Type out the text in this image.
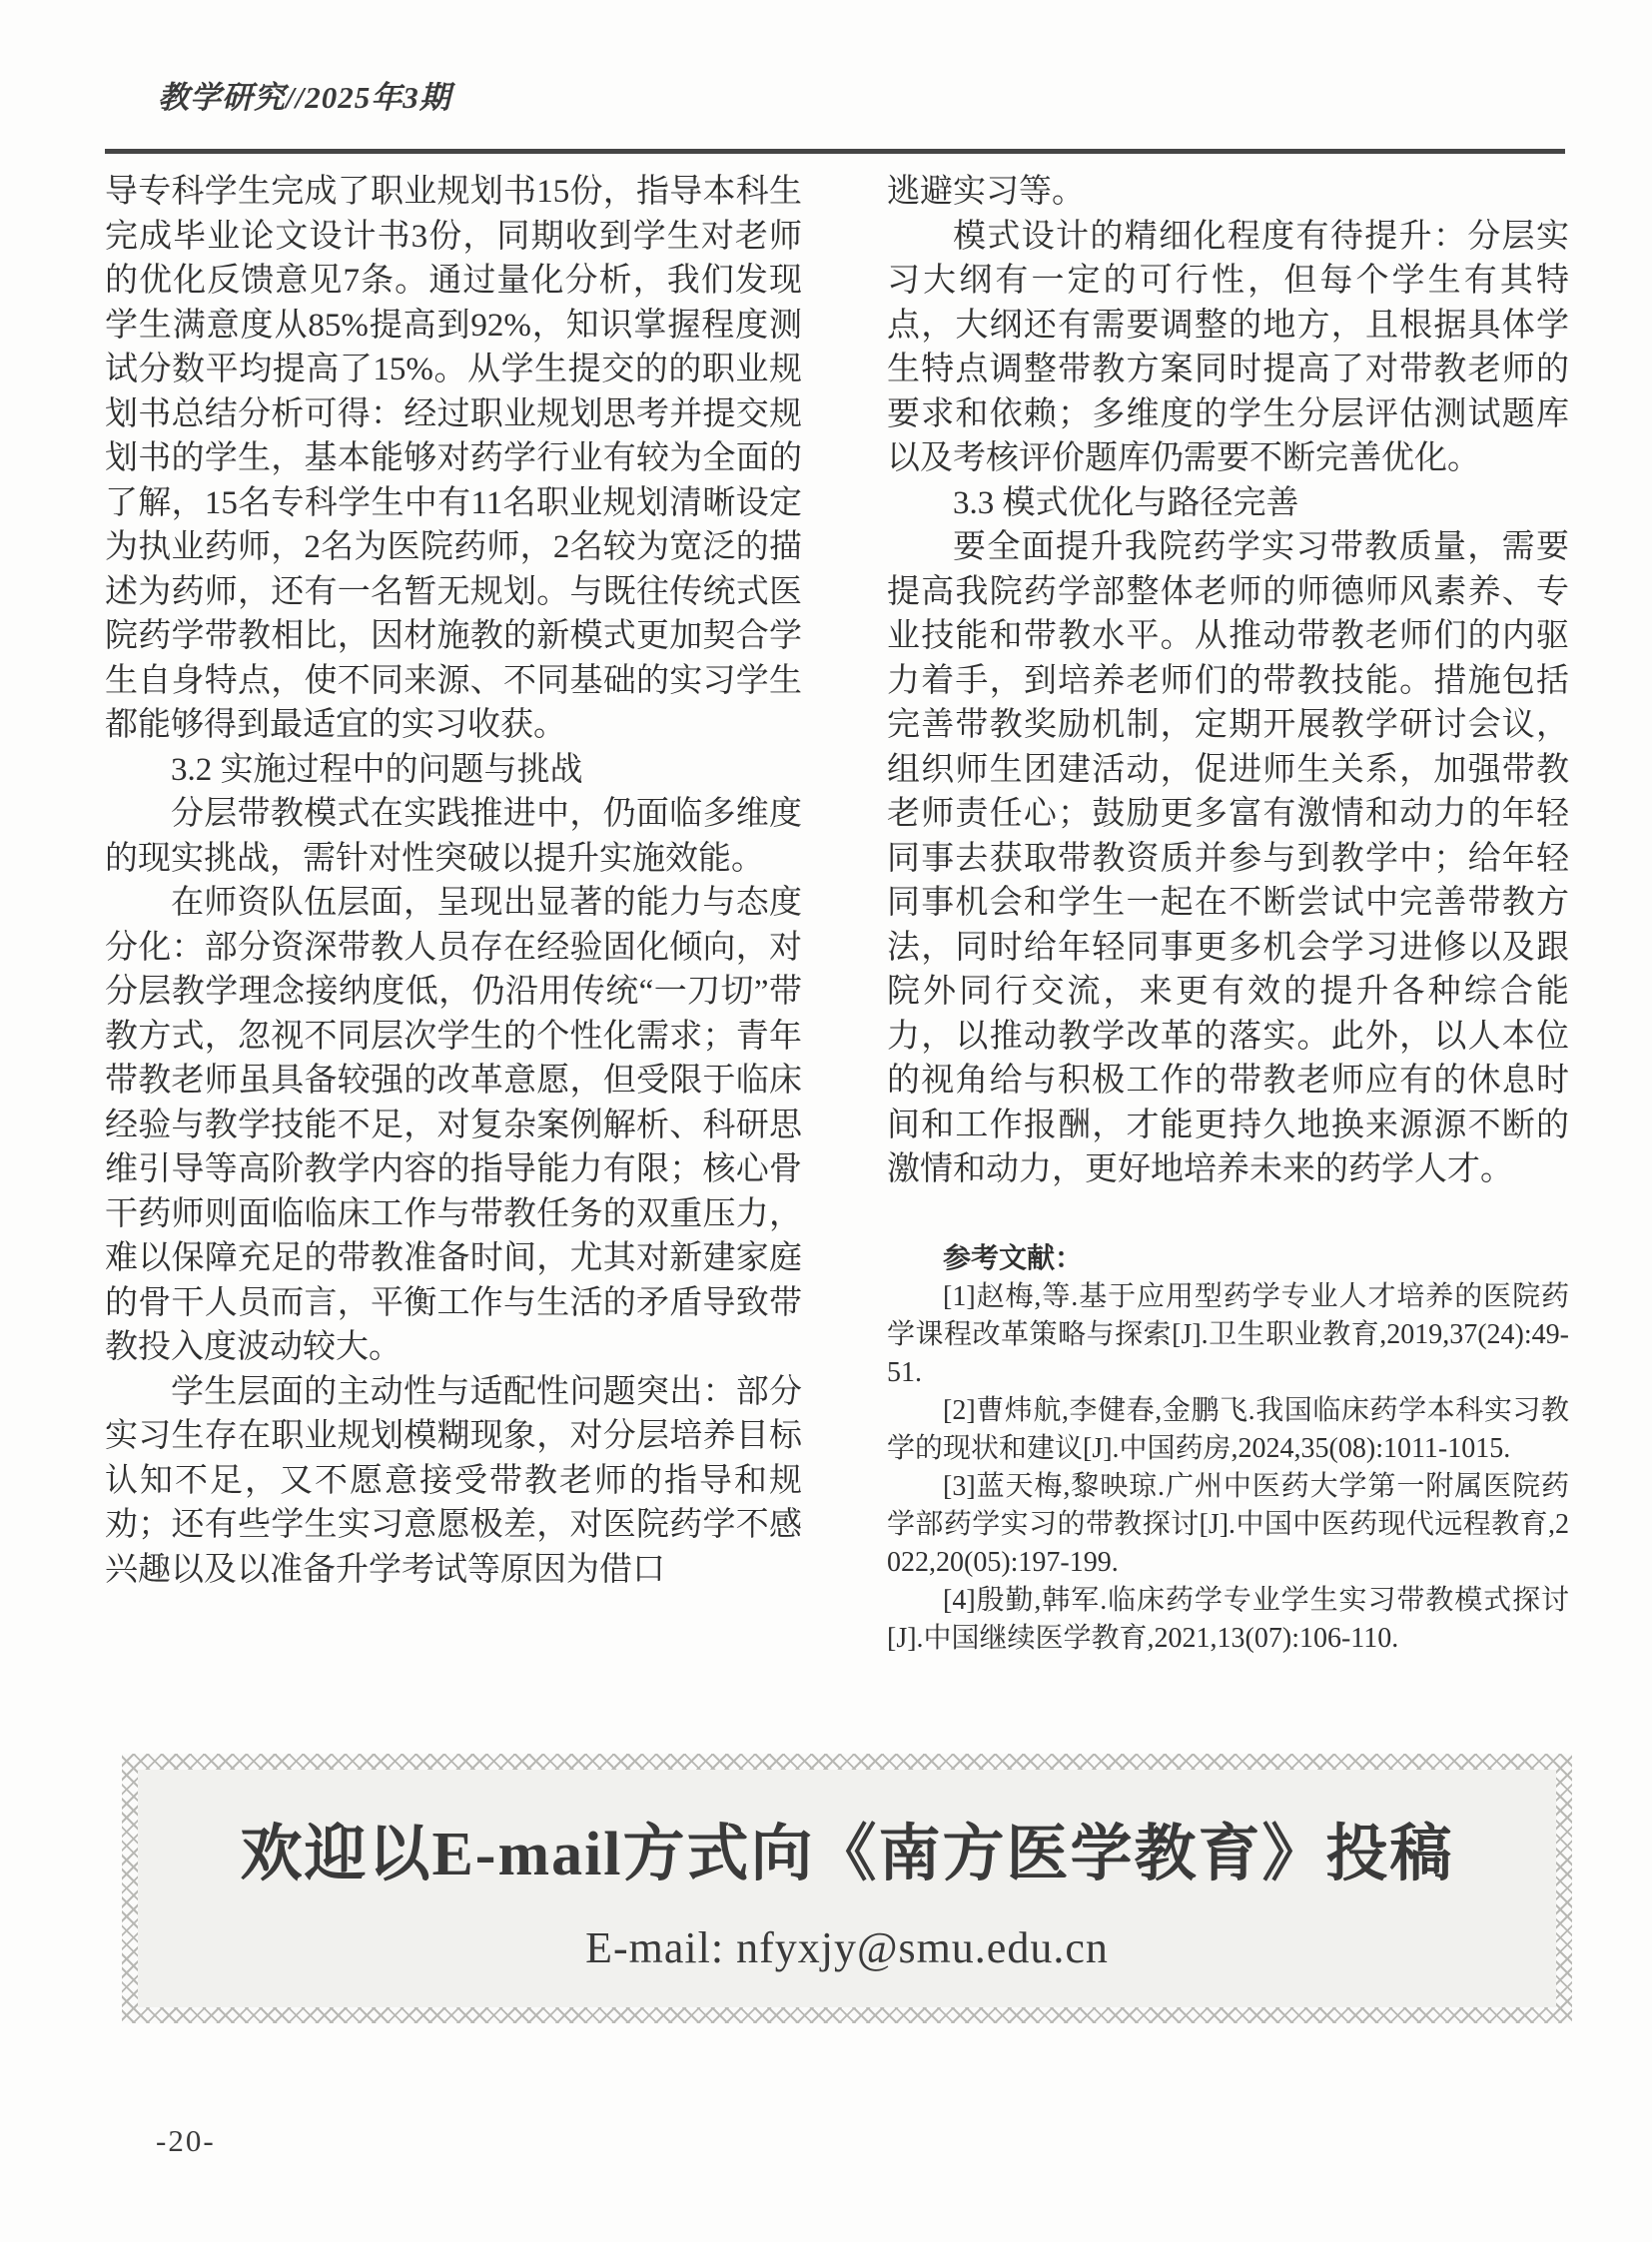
教学研究//2025年3期

导专科学生完成了职业规划书15份，指导本科生完成毕业论文设计书3份，同期收到学生对老师的优化反馈意见7条。通过量化分析，我们发现学生满意度从85%提高到92%，知识掌握程度测试分数平均提高了15%。从学生提交的的职业规划书总结分析可得：经过职业规划思考并提交规划书的学生，基本能够对药学行业有较为全面的了解，15名专科学生中有11名职业规划清晰设定为执业药师，2名为医院药师，2名较为宽泛的描述为药师，还有一名暂无规划。与既往传统式医院药学带教相比，因材施教的新模式更加契合学生自身特点，使不同来源、不同基础的实习学生都能够得到最适宜的实习收获。

3.2 实施过程中的问题与挑战

分层带教模式在实践推进中，仍面临多维度的现实挑战，需针对性突破以提升实施效能。

在师资队伍层面，呈现出显著的能力与态度分化：部分资深带教人员存在经验固化倾向，对分层教学理念接纳度低，仍沿用传统“一刀切”带教方式，忽视不同层次学生的个性化需求；青年带教老师虽具备较强的改革意愿，但受限于临床经验与教学技能不足，对复杂案例解析、科研思维引导等高阶教学内容的指导能力有限；核心骨干药师则面临临床工作与带教任务的双重压力，难以保障充足的带教准备时间，尤其对新建家庭的骨干人员而言，平衡工作与生活的矛盾导致带教投入度波动较大。

学生层面的主动性与适配性问题突出：部分实习生存在职业规划模糊现象，对分层培养目标认知不足，又不愿意接受带教老师的指导和规劝；还有些学生实习意愿极差，对医院药学不感兴趣以及以准备升学考试等原因为借口

逃避实习等。

模式设计的精细化程度有待提升：分层实习大纲有一定的可行性，但每个学生有其特点，大纲还有需要调整的地方，且根据具体学生特点调整带教方案同时提高了对带教老师的要求和依赖；多维度的学生分层评估测试题库以及考核评价题库仍需要不断完善优化。

3.3 模式优化与路径完善

要全面提升我院药学实习带教质量，需要提高我院药学部整体老师的师德师风素养、专业技能和带教水平。从推动带教老师们的内驱力着手，到培养老师们的带教技能。措施包括完善带教奖励机制，定期开展教学研讨会议，组织师生团建活动，促进师生关系，加强带教老师责任心；鼓励更多富有激情和动力的年轻同事去获取带教资质并参与到教学中；给年轻同事机会和学生一起在不断尝试中完善带教方法，同时给年轻同事更多机会学习进修以及跟院外同行交流，来更有效的提升各种综合能力，以推动教学改革的落实。此外，以人本位的视角给与积极工作的带教老师应有的休息时间和工作报酬，才能更持久地换来源源不断的激情和动力，更好地培养未来的药学人才。

参考文献：

[1]赵梅,等.基于应用型药学专业人才培养的医院药学课程改革策略与探索[J].卫生职业教育,2019,37(24):49-51.

[2]曹炜航,李健春,金鹏飞.我国临床药学本科实习教学的现状和建议[J].中国药房,2024,35(08):1011-1015.

[3]蓝天梅,黎映琼.广州中医药大学第一附属医院药学部药学实习的带教探讨[J].中国中医药现代远程教育,2022,20(05):197-199.

[4]殷勤,韩军.临床药学专业学生实习带教模式探讨[J].中国继续医学教育,2021,13(07):106-110.

欢迎以E-mail方式向《南方医学教育》投稿
E-mail: nfyxjy@smu.edu.cn
-20-
